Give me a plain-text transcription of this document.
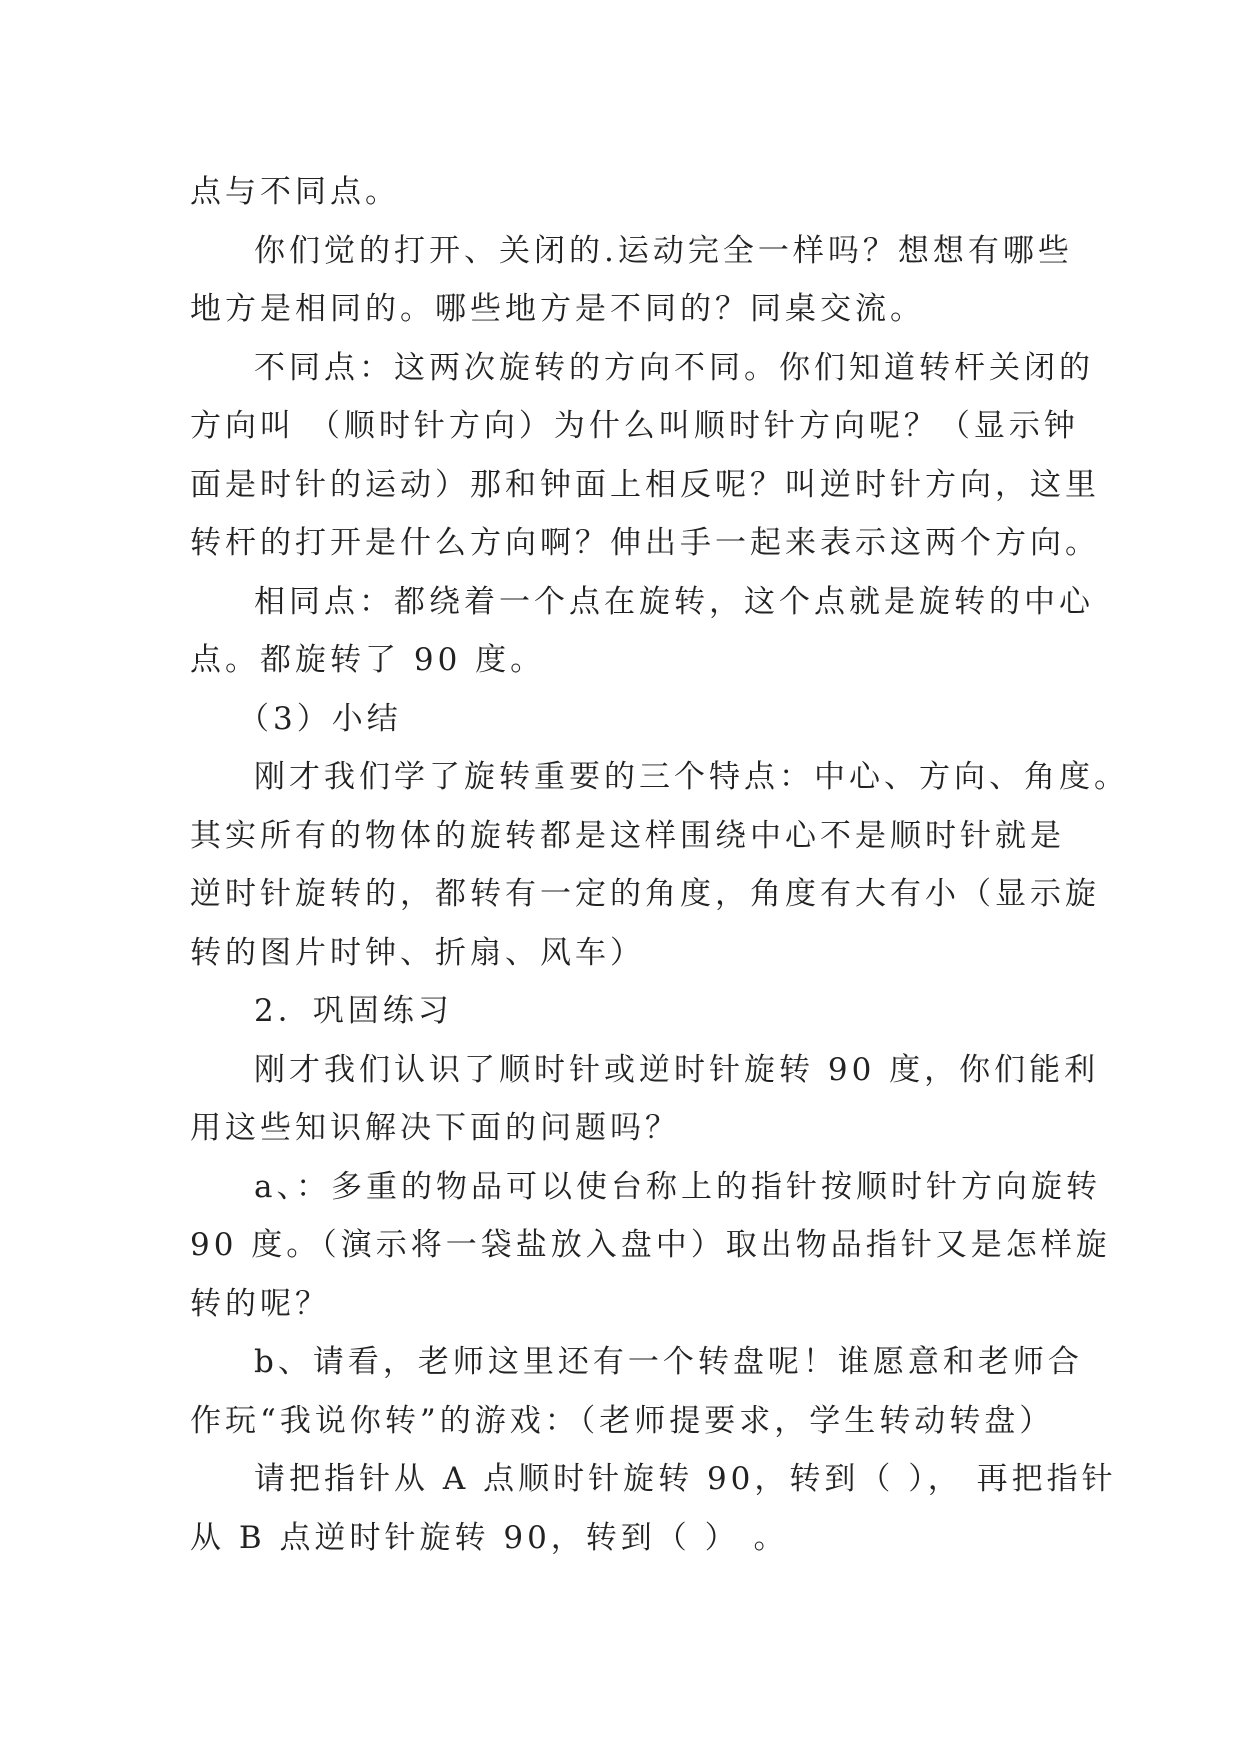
点与不同点。
你们觉的打开、关闭的.运动完全一样吗？想想有哪些
地方是相同的。哪些地方是不同的？同桌交流。
不同点：这两次旋转的方向不同。你们知道转杆关闭的
方向叫 （顺时针方向）为什么叫顺时针方向呢？（显示钟
面是时针的运动）那和钟面上相反呢？叫逆时针方向，这里
转杆的打开是什么方向啊？伸出手一起来表示这两个方向。
相同点：都绕着一个点在旋转，这个点就是旋转的中心
点。都旋转了 90 度。
（3）小结
刚才我们学了旋转重要的三个特点：中心、方向、角度。
其实所有的物体的旋转都是这样围绕中心不是顺时针就是
逆时针旋转的，都转有一定的角度，角度有大有小（显示旋
转的图片时钟、折扇、风车）
2．巩固练习
刚才我们认识了顺时针或逆时针旋转 90 度，你们能利
用这些知识解决下面的问题吗？
a、：多重的物品可以使台称上的指针按顺时针方向旋转
90 度。（演示将一袋盐放入盘中）取出物品指针又是怎样旋
转的呢？
b、请看，老师这里还有一个转盘呢！谁愿意和老师合
作玩“我说你转”的游戏：（老师提要求，学生转动转盘）
请把指针从 A 点顺时针旋转 90，转到（ ）， 再把指针
从 B 点逆时针旋转 90，转到（ ） 。
